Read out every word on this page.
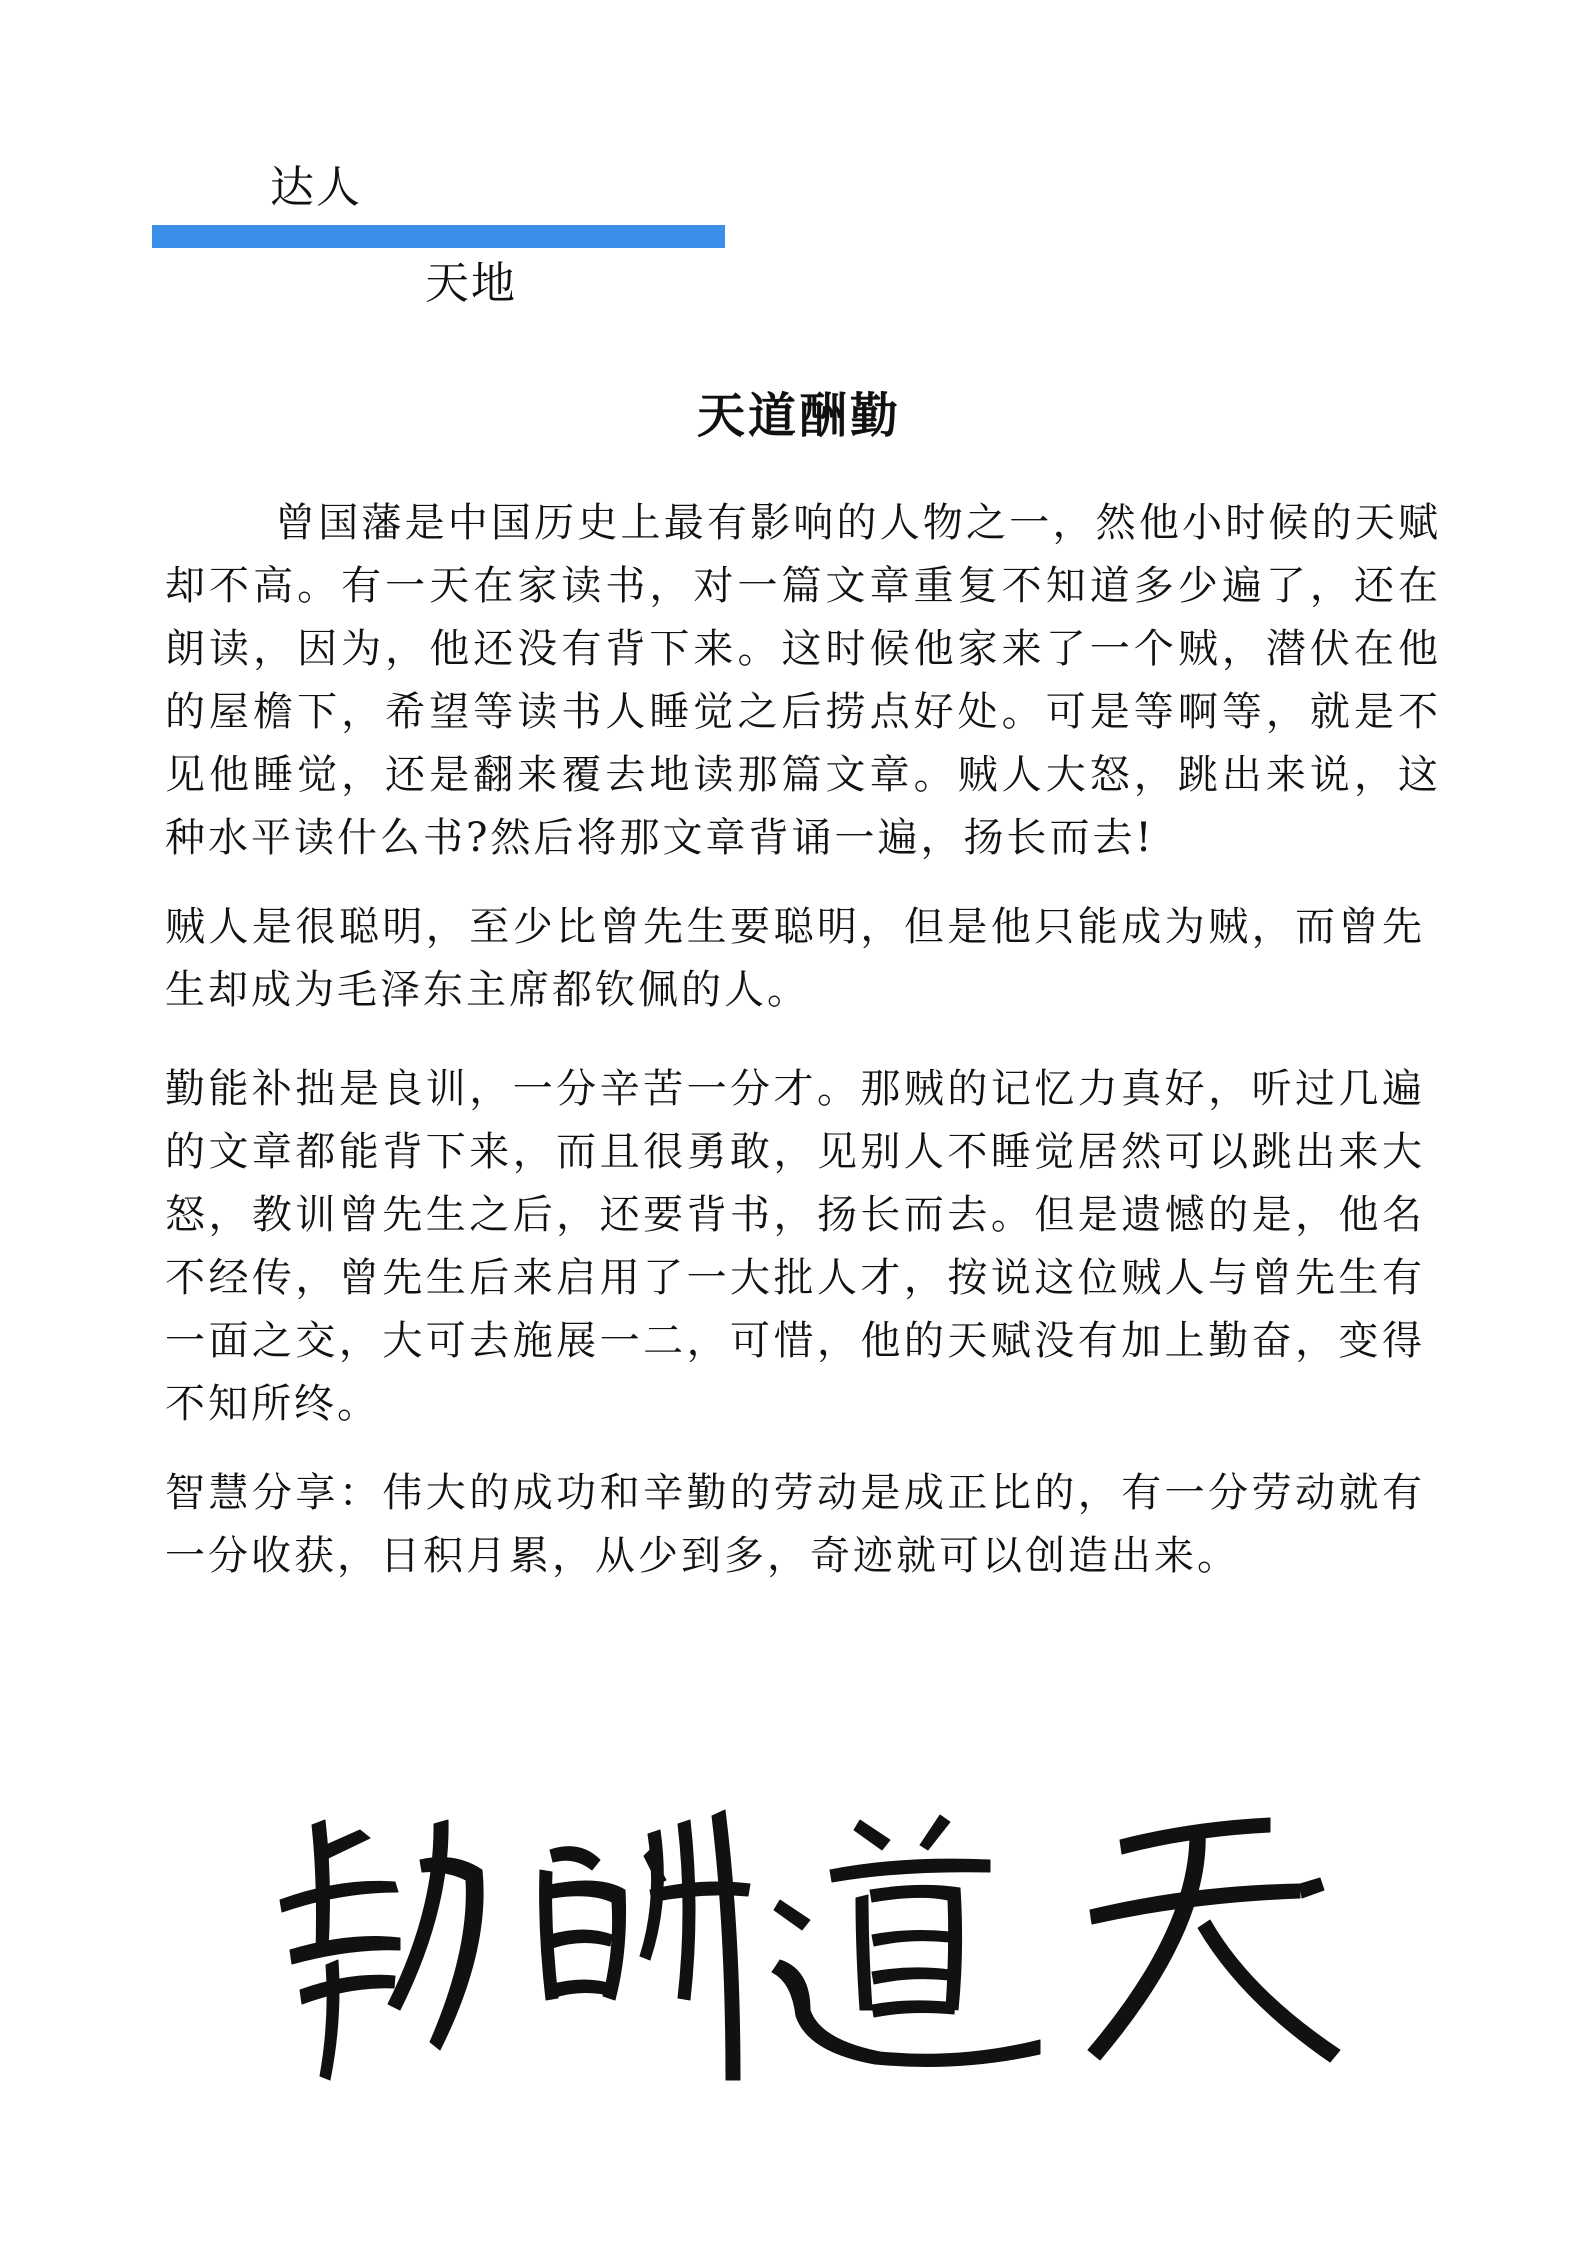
达人
天地
天道酬勤

曾国藩是中国历史上最有影响的人物之一，然他小时候的天赋却不高。有一天在家读书，对一篇文章重复不知道多少遍了，还在 朗读，因为，他还没有背下来。这时候他家来了一个贼，潜伏在他的屋檐下，希望等读书人睡觉之后捞点好处。可是等啊等，就是不 见他睡觉，还是翻来覆去地读那篇文章。贼人大怒，跳出来说，这 种水平读什么书?然后将那文章背诵一遍，扬长而去!

贼人是很聪明，至少比曾先生要聪明，但是他只能成为贼，而曾先生却成为毛泽东主席都钦佩的人。

勤能补拙是良训，一分辛苦一分才。那贼的记忆力真好，听过几遍的文章都能背下来，而且很勇敢，见别人不睡觉居然可以跳出来大怒，教训曾先生之后，还要背书，扬长而去。但是遗憾的是，他名不经传，曾先生后来启用了一大批人才，按说这位贼人与曾先生有一面之交，大可去施展一二，可惜，他的天赋没有加上勤奋，变得不知所终。

智慧分享：伟大的成功和辛勤的劳动是成正比的，有一分劳动就有一分收获，日积月累，从少到多，奇迹就可以创造出来。
